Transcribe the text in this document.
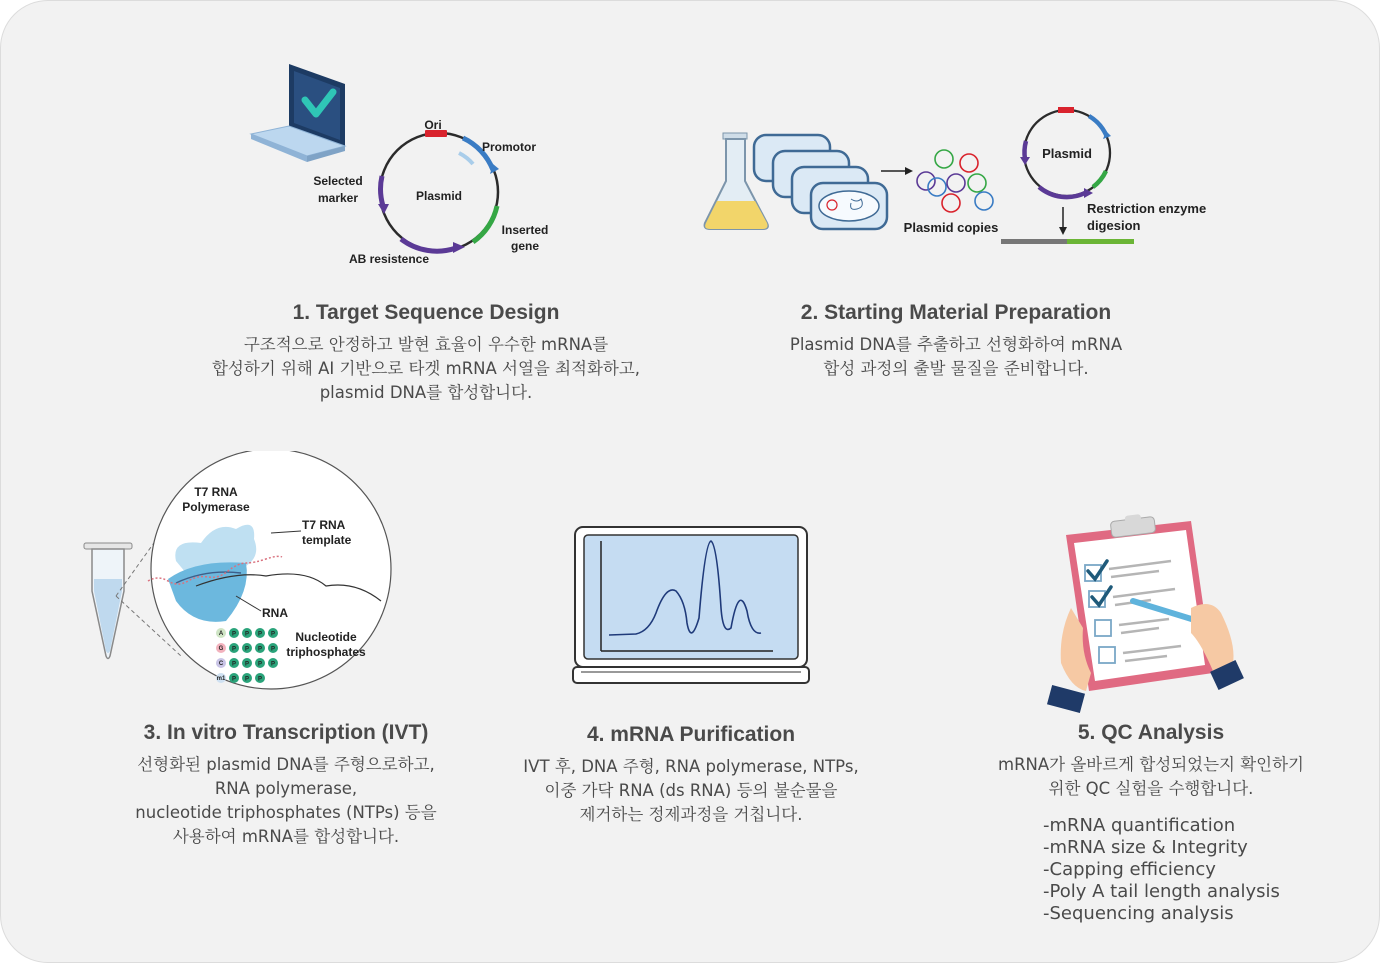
Ori
Promotor
Plasmid
Selected
marker
Inserted
gene
AB resistence
1. Target Sequence Design
구조적으로 안정하고 발현 효율이 우수한 mRNA를
합성하기 위해 AI 기반으로 타겟 mRNA 서열을 최적화하고,
plasmid DNA를 합성합니다.
Plasmid copies
Plasmid
Restriction enzyme
digesion
2. Starting Material Preparation
Plasmid DNA를 추출하고 선형화하여 mRNA
합성 과정의 출발 물질을 준비합니다.
A
G
C
m1
T7 RNA
Polymerase
T7 RNA
template
RNA
Nucleotide
triphosphates
P P P P
P P P P
P P P P
P P P
3. In vitro Transcription (IVT)
선형화된 plasmid DNA를 주형으로하고,
RNA polymerase,
nucleotide triphosphates (NTPs) 등을
사용하여 mRNA를 합성합니다.
4. mRNA Purification
IVT 후, DNA 주형, RNA polymerase, NTPs,
이중 가닥 RNA (ds RNA) 등의 불순물을
제거하는 정제과정을 거칩니다.
5. QC Analysis
mRNA가 올바르게 합성되었는지 확인하기
위한 QC 실험을 수행합니다.
-mRNA quantification
-mRNA size & Integrity
-Capping efficiency
-Poly A tail length analysis
-Sequencing analysis
